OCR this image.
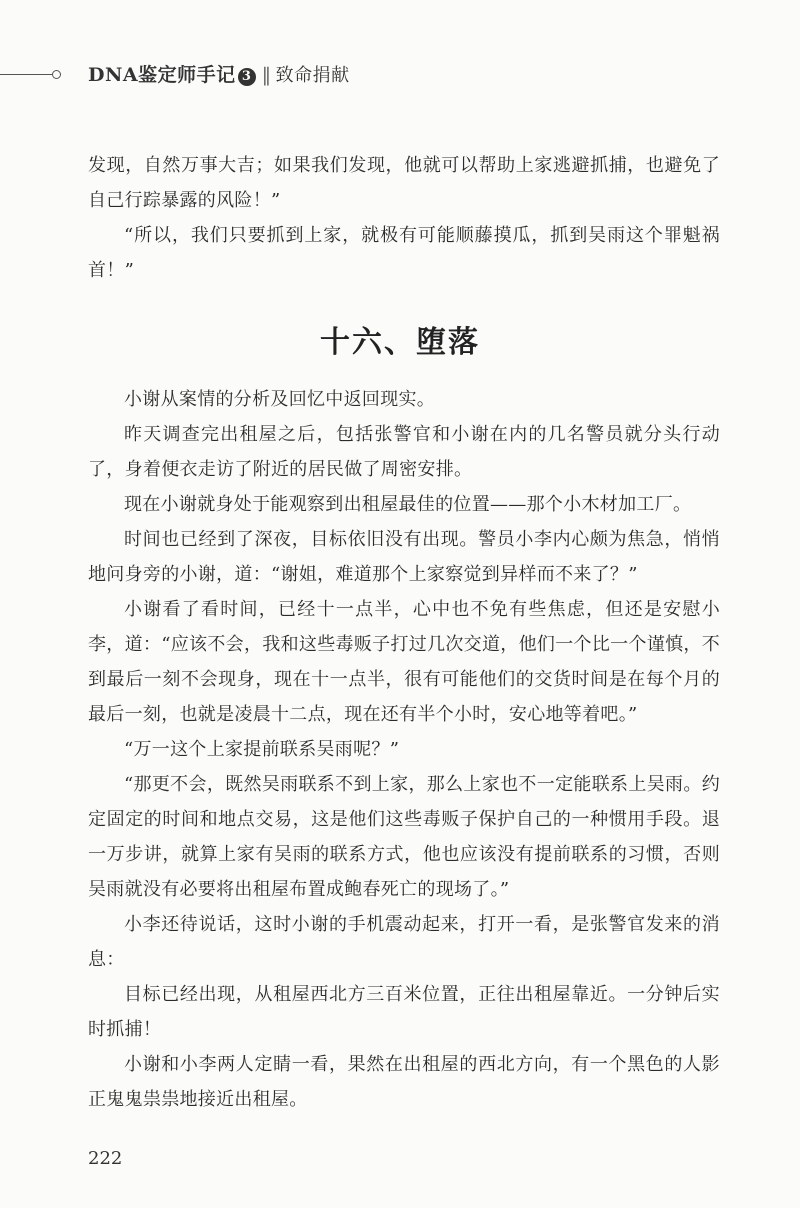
DNA鉴定师手记 3 ‖ 致命捐献

发现，自然万事大吉；如果我们发现，他就可以帮助上家逃避抓捕，也避免了自己行踪暴露的风险！”

“所以，我们只要抓到上家，就极有可能顺藤摸瓜，抓到吴雨这个罪魁祸首！”

十六、堕落

小谢从案情的分析及回忆中返回现实。

昨天调查完出租屋之后，包括张警官和小谢在内的几名警员就分头行动了，身着便衣走访了附近的居民做了周密安排。

现在小谢就身处于能观察到出租屋最佳的位置——那个小木材加工厂。

时间也已经到了深夜，目标依旧没有出现。警员小李内心颇为焦急，悄悄地问身旁的小谢，道：“谢姐，难道那个上家察觉到异样而不来了？”

小谢看了看时间，已经十一点半，心中也不免有些焦虑，但还是安慰小李，道：“应该不会，我和这些毒贩子打过几次交道，他们一个比一个谨慎，不到最后一刻不会现身，现在十一点半，很有可能他们的交货时间是在每个月的最后一刻，也就是凌晨十二点，现在还有半个小时，安心地等着吧。”

“万一这个上家提前联系吴雨呢？”

“那更不会，既然吴雨联系不到上家，那么上家也不一定能联系上吴雨。约定固定的时间和地点交易，这是他们这些毒贩子保护自己的一种惯用手段。退一万步讲，就算上家有吴雨的联系方式，他也应该没有提前联系的习惯，否则吴雨就没有必要将出租屋布置成鲍春死亡的现场了。”

小李还待说话，这时小谢的手机震动起来，打开一看，是张警官发来的消息：

目标已经出现，从租屋西北方三百米位置，正往出租屋靠近。一分钟后实时抓捕！

小谢和小李两人定睛一看，果然在出租屋的西北方向，有一个黑色的人影正鬼鬼祟祟地接近出租屋。

222
